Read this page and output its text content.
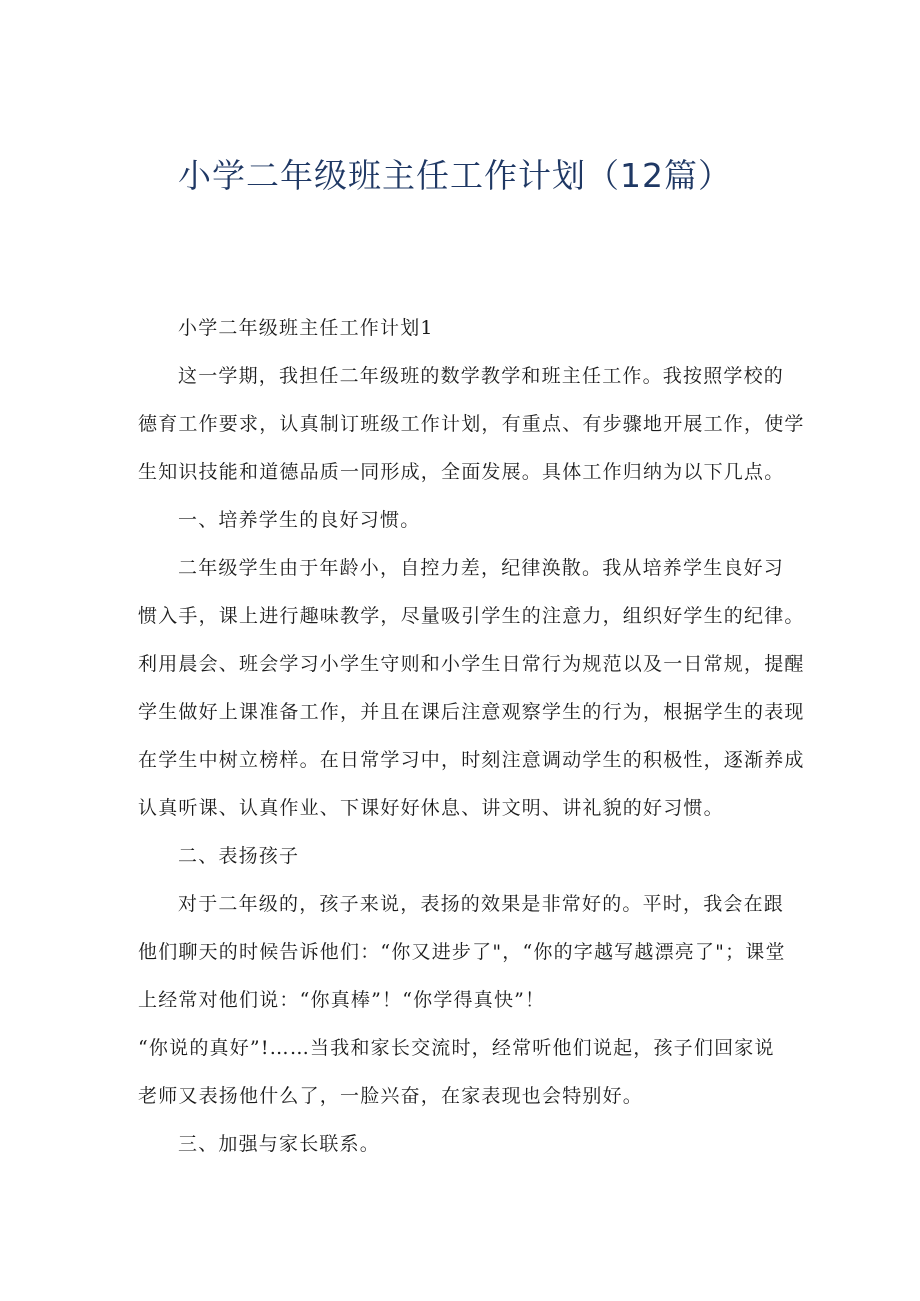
小学二年级班主任工作计划（12篇）

小学二年级班主任工作计划1

这一学期，我担任二年级班的数学教学和班主任工作。我按照学校的

德育工作要求，认真制订班级工作计划，有重点、有步骤地开展工作，使学

生知识技能和道德品质一同形成，全面发展。具体工作归纳为以下几点。

一、培养学生的良好习惯。

二年级学生由于年龄小，自控力差，纪律涣散。我从培养学生良好习

惯入手，课上进行趣味教学，尽量吸引学生的注意力，组织好学生的纪律。

利用晨会、班会学习小学生守则和小学生日常行为规范以及一日常规，提醒

学生做好上课准备工作，并且在课后注意观察学生的行为，根据学生的表现

在学生中树立榜样。在日常学习中，时刻注意调动学生的积极性，逐渐养成

认真听课、认真作业、下课好好休息、讲文明、讲礼貌的好习惯。

二、表扬孩子

对于二年级的，孩子来说，表扬的效果是非常好的。平时，我会在跟

他们聊天的时候告诉他们：“你又进步了"，“你的字越写越漂亮了"；课堂

上经常对他们说：“你真棒”！“你学得真快”！

“你说的真好”!……当我和家长交流时，经常听他们说起，孩子们回家说

老师又表扬他什么了，一脸兴奋，在家表现也会特别好。

三、加强与家长联系。
